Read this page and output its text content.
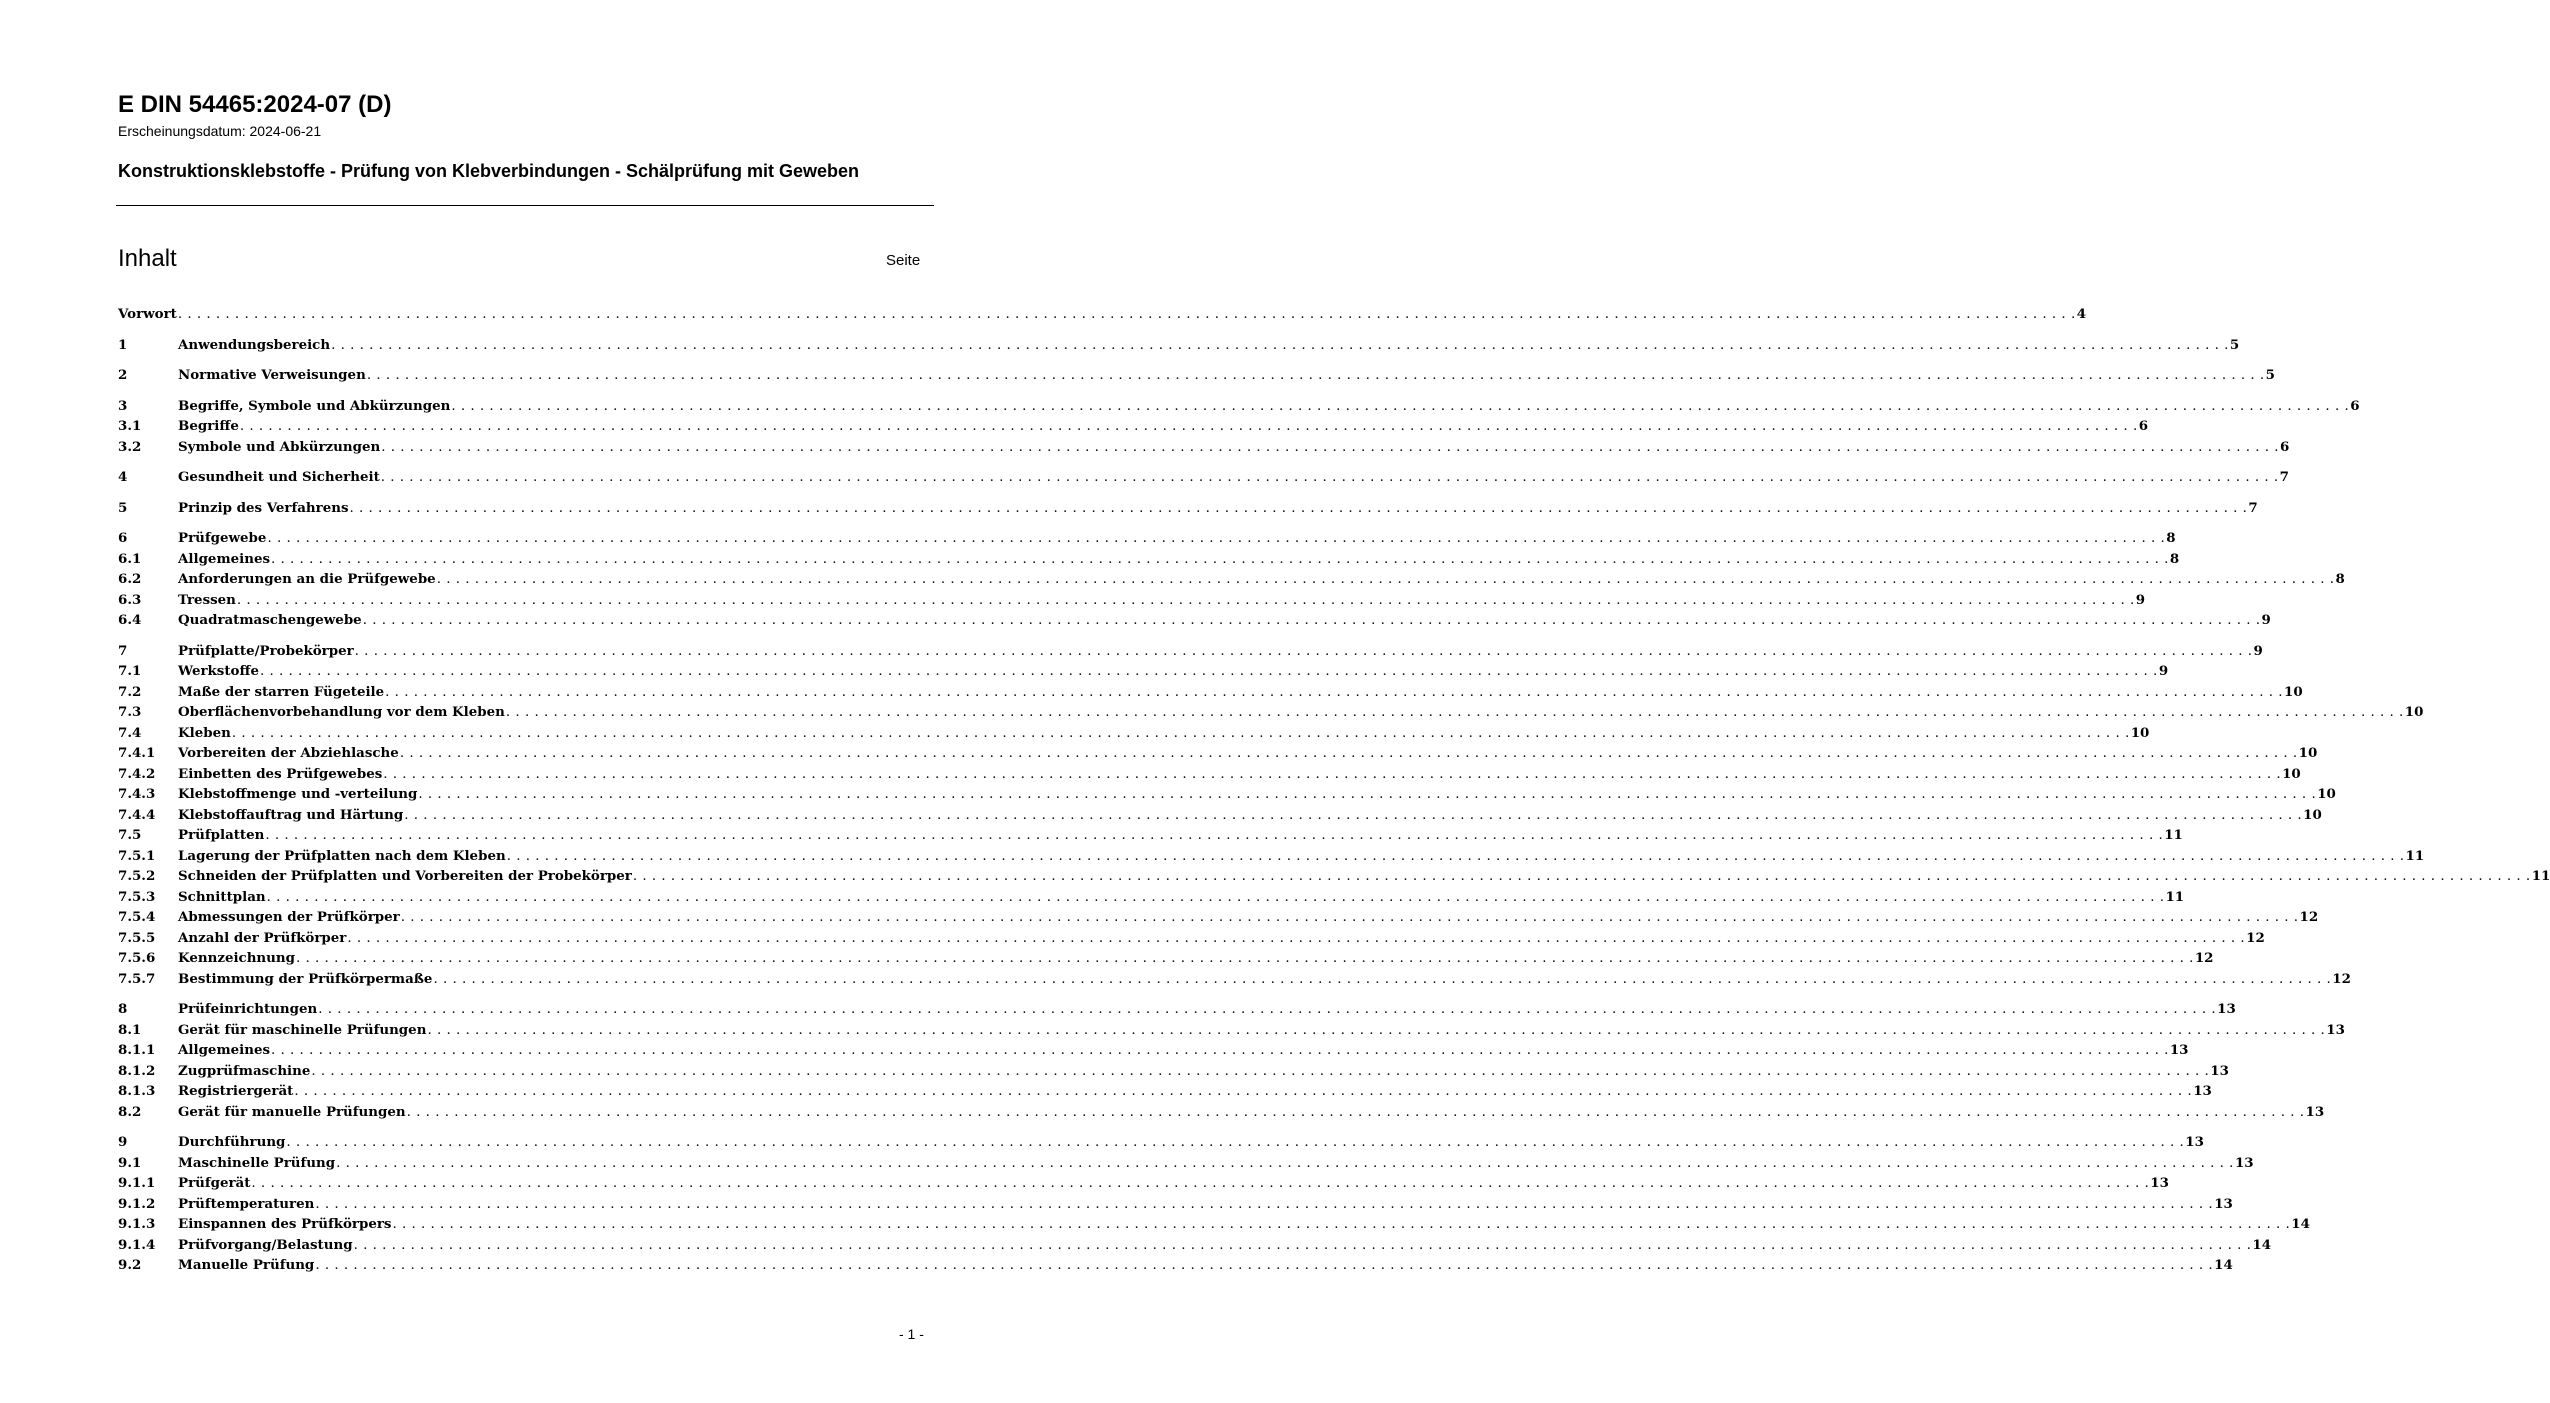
E DIN 54465:2024-07 (D)
Erscheinungsdatum: 2024-06-21
Konstruktionsklebstoffe - Prüfung von Klebverbindungen - Schälprüfung mit Geweben
Inhalt	Seite
Vorwort . . . . . . . . . . . . . . . . . . . . . . . . . . . . . . . . . . . . . . . . . . . . . . . . . . . . . . . . . . . . . . . . . . . . . . . . . . . . . . . . . . . . . . . . . . . . . . . . . . . . . . . . . . . . . . . . . . . . . . . . . . . . . . . . . . . . . . . . . . . . . . . . . . . . . . . . . . . . . . . . . . . . . . . . . . . . . . . . . . . . . . . . . . . . . . . . . . . . . . . . 4
1	Anwendungsbereich . . . . . . . . . . . . . . . . . . . . . . . . . . . . . . . . . . . . . . . . . . . . . . . . . . . . . . . . . . . . . . . . . . . . . . . . . . . . . . . . . . . . . . . . . . . . . . . . . . . . . . . . . . . . . . . . . . . . . . . . . . . . . . . . . . . . . . . . . . . . . . . . . . . . . . . . . . . . . . . . . . . . . . . . . . . . . . . . . . . . . . . . . . . . . . . . . . . . . . . . 5
2	Normative Verweisungen . . . . . . . . . . . . . . . . . . . . . . . . . . . . . . . . . . . . . . . . . . . . . . . . . . . . . . . . . . . . . . . . . . . . . . . . . . . . . . . . . . . . . . . . . . . . . . . . . . . . . . . . . . . . . . . . . . . . . . . . . . . . . . . . . . . . . . . . . . . . . . . . . . . . . . . . . . . . . . . . . . . . . . . . . . . . . . . . . . . . . . . . . . . . . . . . . . . . . . . . 5
3	Begriffe, Symbole und Abkürzungen . . . . . . . . . . . . . . . . . . . . . . . . . . . . . . . . . . . . . . . . . . . . . . . . . . . . . . . . . . . . . . . . . . . . . . . . . . . . . . . . . . . . . . . . . . . . . . . . . . . . . . . . . . . . . . . . . . . . . . . . . . . . . . . . . . . . . . . . . . . . . . . . . . . . . . . . . . . . . . . . . . . . . . . . . . . . . . . . . . . . . . . . . . . . . . . . . . . . . . . . 6
3.1	Begriffe . . . . . . . . . . . . . . . . . . . . . . . . . . . . . . . . . . . . . . . . . . . . . . . . . . . . . . . . . . . . . . . . . . . . . . . . . . . . . . . . . . . . . . . . . . . . . . . . . . . . . . . . . . . . . . . . . . . . . . . . . . . . . . . . . . . . . . . . . . . . . . . . . . . . . . . . . . . . . . . . . . . . . . . . . . . . . . . . . . . . . . . . . . . . . . . . . . . . . . . . 6
3.2	Symbole und Abkürzungen . . . . . . . . . . . . . . . . . . . . . . . . . . . . . . . . . . . . . . . . . . . . . . . . . . . . . . . . . . . . . . . . . . . . . . . . . . . . . . . . . . . . . . . . . . . . . . . . . . . . . . . . . . . . . . . . . . . . . . . . . . . . . . . . . . . . . . . . . . . . . . . . . . . . . . . . . . . . . . . . . . . . . . . . . . . . . . . . . . . . . . . . . . . . . . . . . . . . . . . . 6
4	Gesundheit und Sicherheit . . . . . . . . . . . . . . . . . . . . . . . . . . . . . . . . . . . . . . . . . . . . . . . . . . . . . . . . . . . . . . . . . . . . . . . . . . . . . . . . . . . . . . . . . . . . . . . . . . . . . . . . . . . . . . . . . . . . . . . . . . . . . . . . . . . . . . . . . . . . . . . . . . . . . . . . . . . . . . . . . . . . . . . . . . . . . . . . . . . . . . . . . . . . . . . . . . . . . . . . 7
5	Prinzip des Verfahrens . . . . . . . . . . . . . . . . . . . . . . . . . . . . . . . . . . . . . . . . . . . . . . . . . . . . . . . . . . . . . . . . . . . . . . . . . . . . . . . . . . . . . . . . . . . . . . . . . . . . . . . . . . . . . . . . . . . . . . . . . . . . . . . . . . . . . . . . . . . . . . . . . . . . . . . . . . . . . . . . . . . . . . . . . . . . . . . . . . . . . . . . . . . . . . . . . . . . . . . . 7
6	Prüfgewebe . . . . . . . . . . . . . . . . . . . . . . . . . . . . . . . . . . . . . . . . . . . . . . . . . . . . . . . . . . . . . . . . . . . . . . . . . . . . . . . . . . . . . . . . . . . . . . . . . . . . . . . . . . . . . . . . . . . . . . . . . . . . . . . . . . . . . . . . . . . . . . . . . . . . . . . . . . . . . . . . . . . . . . . . . . . . . . . . . . . . . . . . . . . . . . . . . . . . . . . . 8
6.1	Allgemeines . . . . . . . . . . . . . . . . . . . . . . . . . . . . . . . . . . . . . . . . . . . . . . . . . . . . . . . . . . . . . . . . . . . . . . . . . . . . . . . . . . . . . . . . . . . . . . . . . . . . . . . . . . . . . . . . . . . . . . . . . . . . . . . . . . . . . . . . . . . . . . . . . . . . . . . . . . . . . . . . . . . . . . . . . . . . . . . . . . . . . . . . . . . . . . . . . . . . . . . . 8
6.2	Anforderungen an die Prüfgewebe . . . . . . . . . . . . . . . . . . . . . . . . . . . . . . . . . . . . . . . . . . . . . . . . . . . . . . . . . . . . . . . . . . . . . . . . . . . . . . . . . . . . . . . . . . . . . . . . . . . . . . . . . . . . . . . . . . . . . . . . . . . . . . . . . . . . . . . . . . . . . . . . . . . . . . . . . . . . . . . . . . . . . . . . . . . . . . . . . . . . . . . . . . . . . . . . . . . . . . . . 8
6.3	Tressen . . . . . . . . . . . . . . . . . . . . . . . . . . . . . . . . . . . . . . . . . . . . . . . . . . . . . . . . . . . . . . . . . . . . . . . . . . . . . . . . . . . . . . . . . . . . . . . . . . . . . . . . . . . . . . . . . . . . . . . . . . . . . . . . . . . . . . . . . . . . . . . . . . . . . . . . . . . . . . . . . . . . . . . . . . . . . . . . . . . . . . . . . . . . . . . . . . . . . . . . 9
6.4	Quadratmaschengewebe . . . . . . . . . . . . . . . . . . . . . . . . . . . . . . . . . . . . . . . . . . . . . . . . . . . . . . . . . . . . . . . . . . . . . . . . . . . . . . . . . . . . . . . . . . . . . . . . . . . . . . . . . . . . . . . . . . . . . . . . . . . . . . . . . . . . . . . . . . . . . . . . . . . . . . . . . . . . . . . . . . . . . . . . . . . . . . . . . . . . . . . . . . . . . . . . . . . . . . . . 9
7	Prüfplatte/Probekörper . . . . . . . . . . . . . . . . . . . . . . . . . . . . . . . . . . . . . . . . . . . . . . . . . . . . . . . . . . . . . . . . . . . . . . . . . . . . . . . . . . . . . . . . . . . . . . . . . . . . . . . . . . . . . . . . . . . . . . . . . . . . . . . . . . . . . . . . . . . . . . . . . . . . . . . . . . . . . . . . . . . . . . . . . . . . . . . . . . . . . . . . . . . . . . . . . . . . . . . . 9
7.1	Werkstoffe . . . . . . . . . . . . . . . . . . . . . . . . . . . . . . . . . . . . . . . . . . . . . . . . . . . . . . . . . . . . . . . . . . . . . . . . . . . . . . . . . . . . . . . . . . . . . . . . . . . . . . . . . . . . . . . . . . . . . . . . . . . . . . . . . . . . . . . . . . . . . . . . . . . . . . . . . . . . . . . . . . . . . . . . . . . . . . . . . . . . . . . . . . . . . . . . . . . . . . . . 9
7.2	Maße der starren Fügeteile . . . . . . . . . . . . . . . . . . . . . . . . . . . . . . . . . . . . . . . . . . . . . . . . . . . . . . . . . . . . . . . . . . . . . . . . . . . . . . . . . . . . . . . . . . . . . . . . . . . . . . . . . . . . . . . . . . . . . . . . . . . . . . . . . . . . . . . . . . . . . . . . . . . . . . . . . . . . . . . . . . . . . . . . . . . . . . . . . . . . . . . . . . . . . . . . . . . . . . . . 10
7.3	Oberflächenvorbehandlung vor dem Kleben . . . . . . . . . . . . . . . . . . . . . . . . . . . . . . . . . . . . . . . . . . . . . . . . . . . . . . . . . . . . . . . . . . . . . . . . . . . . . . . . . . . . . . . . . . . . . . . . . . . . . . . . . . . . . . . . . . . . . . . . . . . . . . . . . . . . . . . . . . . . . . . . . . . . . . . . . . . . . . . . . . . . . . . . . . . . . . . . . . . . . . . . . . . . . . . . . . . . . . . . 10
7.4	Kleben . . . . . . . . . . . . . . . . . . . . . . . . . . . . . . . . . . . . . . . . . . . . . . . . . . . . . . . . . . . . . . . . . . . . . . . . . . . . . . . . . . . . . . . . . . . . . . . . . . . . . . . . . . . . . . . . . . . . . . . . . . . . . . . . . . . . . . . . . . . . . . . . . . . . . . . . . . . . . . . . . . . . . . . . . . . . . . . . . . . . . . . . . . . . . . . . . . . . . . . . 10
7.4.1	Vorbereiten der Abziehlasche . . . . . . . . . . . . . . . . . . . . . . . . . . . . . . . . . . . . . . . . . . . . . . . . . . . . . . . . . . . . . . . . . . . . . . . . . . . . . . . . . . . . . . . . . . . . . . . . . . . . . . . . . . . . . . . . . . . . . . . . . . . . . . . . . . . . . . . . . . . . . . . . . . . . . . . . . . . . . . . . . . . . . . . . . . . . . . . . . . . . . . . . . . . . . . . . . . . . . . . . 10
7.4.2	Einbetten des Prüfgewebes . . . . . . . . . . . . . . . . . . . . . . . . . . . . . . . . . . . . . . . . . . . . . . . . . . . . . . . . . . . . . . . . . . . . . . . . . . . . . . . . . . . . . . . . . . . . . . . . . . . . . . . . . . . . . . . . . . . . . . . . . . . . . . . . . . . . . . . . . . . . . . . . . . . . . . . . . . . . . . . . . . . . . . . . . . . . . . . . . . . . . . . . . . . . . . . . . . . . . . . . 10
7.4.3	Klebstoffmenge und -verteilung . . . . . . . . . . . . . . . . . . . . . . . . . . . . . . . . . . . . . . . . . . . . . . . . . . . . . . . . . . . . . . . . . . . . . . . . . . . . . . . . . . . . . . . . . . . . . . . . . . . . . . . . . . . . . . . . . . . . . . . . . . . . . . . . . . . . . . . . . . . . . . . . . . . . . . . . . . . . . . . . . . . . . . . . . . . . . . . . . . . . . . . . . . . . . . . . . . . . . . . . 10
7.4.4	Klebstoffauftrag und Härtung . . . . . . . . . . . . . . . . . . . . . . . . . . . . . . . . . . . . . . . . . . . . . . . . . . . . . . . . . . . . . . . . . . . . . . . . . . . . . . . . . . . . . . . . . . . . . . . . . . . . . . . . . . . . . . . . . . . . . . . . . . . . . . . . . . . . . . . . . . . . . . . . . . . . . . . . . . . . . . . . . . . . . . . . . . . . . . . . . . . . . . . . . . . . . . . . . . . . . . . . 10
7.5	Prüfplatten . . . . . . . . . . . . . . . . . . . . . . . . . . . . . . . . . . . . . . . . . . . . . . . . . . . . . . . . . . . . . . . . . . . . . . . . . . . . . . . . . . . . . . . . . . . . . . . . . . . . . . . . . . . . . . . . . . . . . . . . . . . . . . . . . . . . . . . . . . . . . . . . . . . . . . . . . . . . . . . . . . . . . . . . . . . . . . . . . . . . . . . . . . . . . . . . . . . . . . . . 11
7.5.1	Lagerung der Prüfplatten nach dem Kleben . . . . . . . . . . . . . . . . . . . . . . . . . . . . . . . . . . . . . . . . . . . . . . . . . . . . . . . . . . . . . . . . . . . . . . . . . . . . . . . . . . . . . . . . . . . . . . . . . . . . . . . . . . . . . . . . . . . . . . . . . . . . . . . . . . . . . . . . . . . . . . . . . . . . . . . . . . . . . . . . . . . . . . . . . . . . . . . . . . . . . . . . . . . . . . . . . . . . . . . . 11
7.5.2	Schneiden der Prüfplatten und Vorbereiten der Probekörper . . . . . . . . . . . . . . . . . . . . . . . . . . . . . . . . . . . . . . . . . . . . . . . . . . . . . . . . . . . . . . . . . . . . . . . . . . . . . . . . . . . . . . . . . . . . . . . . . . . . . . . . . . . . . . . . . . . . . . . . . . . . . . . . . . . . . . . . . . . . . . . . . . . . . . . . . . . . . . . . . . . . . . . . . . . . . . . . . . . . . . . . . . . . . . . . . . . . . . . . 11
7.5.3	Schnittplan . . . . . . . . . . . . . . . . . . . . . . . . . . . . . . . . . . . . . . . . . . . . . . . . . . . . . . . . . . . . . . . . . . . . . . . . . . . . . . . . . . . . . . . . . . . . . . . . . . . . . . . . . . . . . . . . . . . . . . . . . . . . . . . . . . . . . . . . . . . . . . . . . . . . . . . . . . . . . . . . . . . . . . . . . . . . . . . . . . . . . . . . . . . . . . . . . . . . . . . . 11
7.5.4	Abmessungen der Prüfkörper . . . . . . . . . . . . . . . . . . . . . . . . . . . . . . . . . . . . . . . . . . . . . . . . . . . . . . . . . . . . . . . . . . . . . . . . . . . . . . . . . . . . . . . . . . . . . . . . . . . . . . . . . . . . . . . . . . . . . . . . . . . . . . . . . . . . . . . . . . . . . . . . . . . . . . . . . . . . . . . . . . . . . . . . . . . . . . . . . . . . . . . . . . . . . . . . . . . . . . . . 12
7.5.5	Anzahl der Prüfkörper . . . . . . . . . . . . . . . . . . . . . . . . . . . . . . . . . . . . . . . . . . . . . . . . . . . . . . . . . . . . . . . . . . . . . . . . . . . . . . . . . . . . . . . . . . . . . . . . . . . . . . . . . . . . . . . . . . . . . . . . . . . . . . . . . . . . . . . . . . . . . . . . . . . . . . . . . . . . . . . . . . . . . . . . . . . . . . . . . . . . . . . . . . . . . . . . . . . . . . . . 12
7.5.6	Kennzeichnung . . . . . . . . . . . . . . . . . . . . . . . . . . . . . . . . . . . . . . . . . . . . . . . . . . . . . . . . . . . . . . . . . . . . . . . . . . . . . . . . . . . . . . . . . . . . . . . . . . . . . . . . . . . . . . . . . . . . . . . . . . . . . . . . . . . . . . . . . . . . . . . . . . . . . . . . . . . . . . . . . . . . . . . . . . . . . . . . . . . . . . . . . . . . . . . . . . . . . . . . 12
7.5.7	Bestimmung der Prüfkörpermaße . . . . . . . . . . . . . . . . . . . . . . . . . . . . . . . . . . . . . . . . . . . . . . . . . . . . . . . . . . . . . . . . . . . . . . . . . . . . . . . . . . . . . . . . . . . . . . . . . . . . . . . . . . . . . . . . . . . . . . . . . . . . . . . . . . . . . . . . . . . . . . . . . . . . . . . . . . . . . . . . . . . . . . . . . . . . . . . . . . . . . . . . . . . . . . . . . . . . . . . . 12
8	Prüfeinrichtungen . . . . . . . . . . . . . . . . . . . . . . . . . . . . . . . . . . . . . . . . . . . . . . . . . . . . . . . . . . . . . . . . . . . . . . . . . . . . . . . . . . . . . . . . . . . . . . . . . . . . . . . . . . . . . . . . . . . . . . . . . . . . . . . . . . . . . . . . . . . . . . . . . . . . . . . . . . . . . . . . . . . . . . . . . . . . . . . . . . . . . . . . . . . . . . . . . . . . . . . . 13
8.1	Gerät für maschinelle Prüfungen . . . . . . . . . . . . . . . . . . . . . . . . . . . . . . . . . . . . . . . . . . . . . . . . . . . . . . . . . . . . . . . . . . . . . . . . . . . . . . . . . . . . . . . . . . . . . . . . . . . . . . . . . . . . . . . . . . . . . . . . . . . . . . . . . . . . . . . . . . . . . . . . . . . . . . . . . . . . . . . . . . . . . . . . . . . . . . . . . . . . . . . . . . . . . . . . . . . . . . . . 13
8.1.1	Allgemeines . . . . . . . . . . . . . . . . . . . . . . . . . . . . . . . . . . . . . . . . . . . . . . . . . . . . . . . . . . . . . . . . . . . . . . . . . . . . . . . . . . . . . . . . . . . . . . . . . . . . . . . . . . . . . . . . . . . . . . . . . . . . . . . . . . . . . . . . . . . . . . . . . . . . . . . . . . . . . . . . . . . . . . . . . . . . . . . . . . . . . . . . . . . . . . . . . . . . . . . . 13
8.1.2	Zugprüfmaschine . . . . . . . . . . . . . . . . . . . . . . . . . . . . . . . . . . . . . . . . . . . . . . . . . . . . . . . . . . . . . . . . . . . . . . . . . . . . . . . . . . . . . . . . . . . . . . . . . . . . . . . . . . . . . . . . . . . . . . . . . . . . . . . . . . . . . . . . . . . . . . . . . . . . . . . . . . . . . . . . . . . . . . . . . . . . . . . . . . . . . . . . . . . . . . . . . . . . . . . . 13
8.1.3	Registriergerät . . . . . . . . . . . . . . . . . . . . . . . . . . . . . . . . . . . . . . . . . . . . . . . . . . . . . . . . . . . . . . . . . . . . . . . . . . . . . . . . . . . . . . . . . . . . . . . . . . . . . . . . . . . . . . . . . . . . . . . . . . . . . . . . . . . . . . . . . . . . . . . . . . . . . . . . . . . . . . . . . . . . . . . . . . . . . . . . . . . . . . . . . . . . . . . . . . . . . . . . 13
8.2	Gerät für manuelle Prüfungen . . . . . . . . . . . . . . . . . . . . . . . . . . . . . . . . . . . . . . . . . . . . . . . . . . . . . . . . . . . . . . . . . . . . . . . . . . . . . . . . . . . . . . . . . . . . . . . . . . . . . . . . . . . . . . . . . . . . . . . . . . . . . . . . . . . . . . . . . . . . . . . . . . . . . . . . . . . . . . . . . . . . . . . . . . . . . . . . . . . . . . . . . . . . . . . . . . . . . . . . 13
9	Durchführung . . . . . . . . . . . . . . . . . . . . . . . . . . . . . . . . . . . . . . . . . . . . . . . . . . . . . . . . . . . . . . . . . . . . . . . . . . . . . . . . . . . . . . . . . . . . . . . . . . . . . . . . . . . . . . . . . . . . . . . . . . . . . . . . . . . . . . . . . . . . . . . . . . . . . . . . . . . . . . . . . . . . . . . . . . . . . . . . . . . . . . . . . . . . . . . . . . . . . . . . 13
9.1	Maschinelle Prüfung . . . . . . . . . . . . . . . . . . . . . . . . . . . . . . . . . . . . . . . . . . . . . . . . . . . . . . . . . . . . . . . . . . . . . . . . . . . . . . . . . . . . . . . . . . . . . . . . . . . . . . . . . . . . . . . . . . . . . . . . . . . . . . . . . . . . . . . . . . . . . . . . . . . . . . . . . . . . . . . . . . . . . . . . . . . . . . . . . . . . . . . . . . . . . . . . . . . . . . . . 13
9.1.1	Prüfgerät . . . . . . . . . . . . . . . . . . . . . . . . . . . . . . . . . . . . . . . . . . . . . . . . . . . . . . . . . . . . . . . . . . . . . . . . . . . . . . . . . . . . . . . . . . . . . . . . . . . . . . . . . . . . . . . . . . . . . . . . . . . . . . . . . . . . . . . . . . . . . . . . . . . . . . . . . . . . . . . . . . . . . . . . . . . . . . . . . . . . . . . . . . . . . . . . . . . . . . . . 13
9.1.2	Prüftemperaturen . . . . . . . . . . . . . . . . . . . . . . . . . . . . . . . . . . . . . . . . . . . . . . . . . . . . . . . . . . . . . . . . . . . . . . . . . . . . . . . . . . . . . . . . . . . . . . . . . . . . . . . . . . . . . . . . . . . . . . . . . . . . . . . . . . . . . . . . . . . . . . . . . . . . . . . . . . . . . . . . . . . . . . . . . . . . . . . . . . . . . . . . . . . . . . . . . . . . . . . . 13
9.1.3	Einspannen des Prüfkörpers . . . . . . . . . . . . . . . . . . . . . . . . . . . . . . . . . . . . . . . . . . . . . . . . . . . . . . . . . . . . . . . . . . . . . . . . . . . . . . . . . . . . . . . . . . . . . . . . . . . . . . . . . . . . . . . . . . . . . . . . . . . . . . . . . . . . . . . . . . . . . . . . . . . . . . . . . . . . . . . . . . . . . . . . . . . . . . . . . . . . . . . . . . . . . . . . . . . . . . . . 14
9.1.4	Prüfvorgang/Belastung . . . . . . . . . . . . . . . . . . . . . . . . . . . . . . . . . . . . . . . . . . . . . . . . . . . . . . . . . . . . . . . . . . . . . . . . . . . . . . . . . . . . . . . . . . . . . . . . . . . . . . . . . . . . . . . . . . . . . . . . . . . . . . . . . . . . . . . . . . . . . . . . . . . . . . . . . . . . . . . . . . . . . . . . . . . . . . . . . . . . . . . . . . . . . . . . . . . . . . . . 14
9.2	Manuelle Prüfung . . . . . . . . . . . . . . . . . . . . . . . . . . . . . . . . . . . . . . . . . . . . . . . . . . . . . . . . . . . . . . . . . . . . . . . . . . . . . . . . . . . . . . . . . . . . . . . . . . . . . . . . . . . . . . . . . . . . . . . . . . . . . . . . . . . . . . . . . . . . . . . . . . . . . . . . . . . . . . . . . . . . . . . . . . . . . . . . . . . . . . . . . . . . . . . . . . . . . . . . 14
- 1 -
